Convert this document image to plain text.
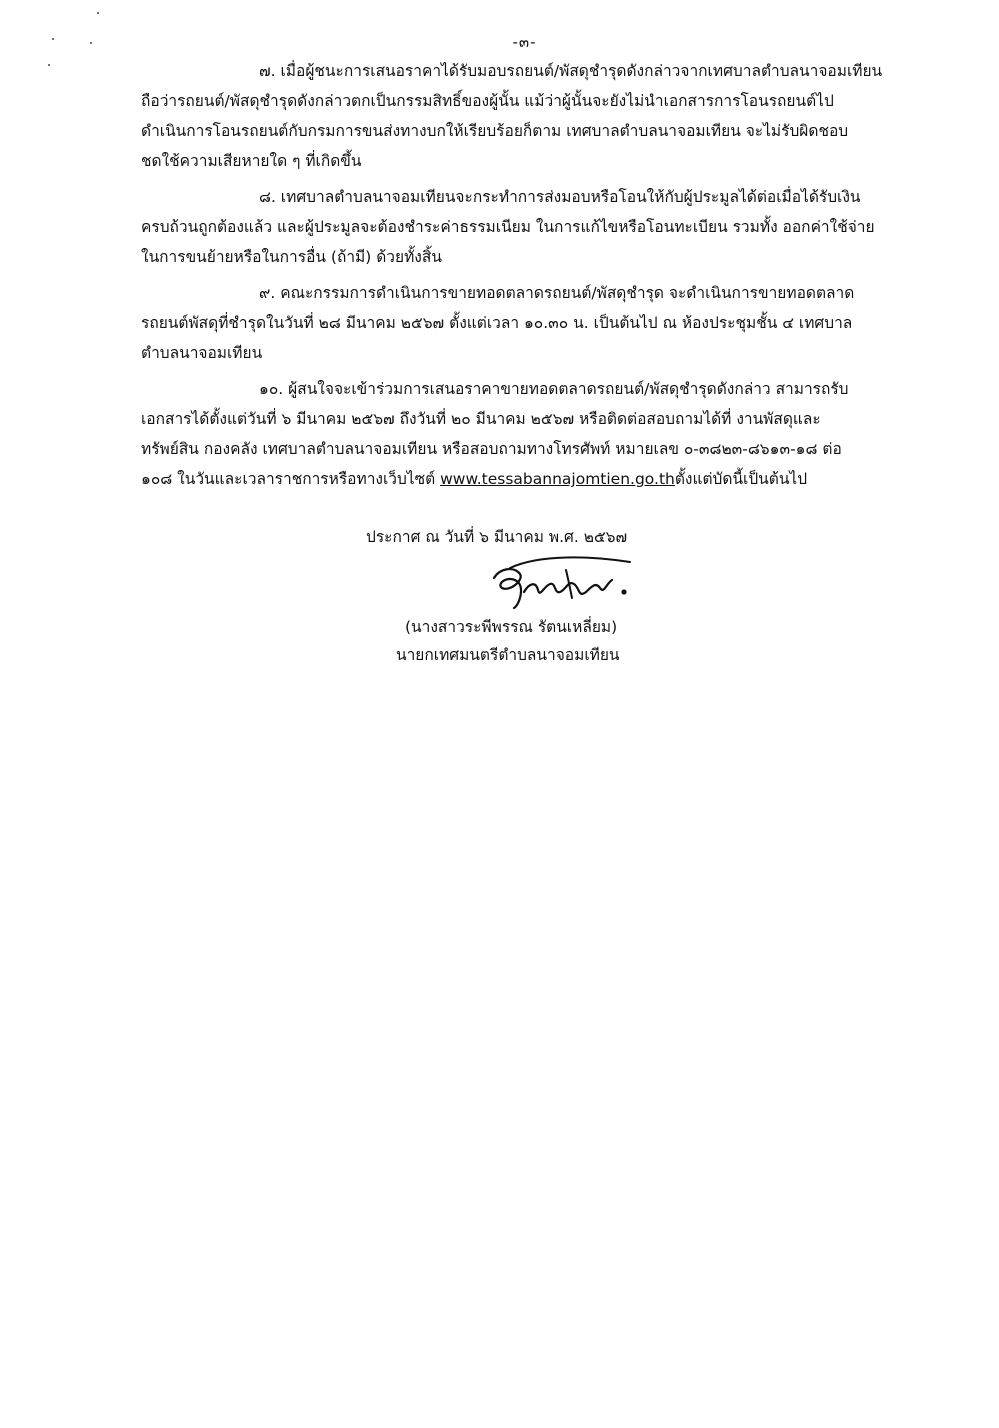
-๓-

๗. เมื่อผู้ชนะการเสนอราคาได้รับมอบรถยนต์/พัสดุชำรุดดังกล่าวจากเทศบาลตำบลนาจอมเทียน
ถือว่ารถยนต์/พัสดุชำรุดดังกล่าวตกเป็นกรรมสิทธิ์ของผู้นั้น แม้ว่าผู้นั้นจะยังไม่นำเอกสารการโอนรถยนต์ไป
ดำเนินการโอนรถยนต์กับกรมการขนส่งทางบกให้เรียบร้อยก็ตาม เทศบาลตำบลนาจอมเทียน จะไม่รับผิดชอบ
ชดใช้ความเสียหายใด ๆ ที่เกิดขึ้น

๘. เทศบาลตำบลนาจอมเทียนจะกระทำการส่งมอบหรือโอนให้กับผู้ประมูลได้ต่อเมื่อได้รับเงิน
ครบถ้วนถูกต้องแล้ว และผู้ประมูลจะต้องชำระค่าธรรมเนียม ในการแก้ไขหรือโอนทะเบียน รวมทั้ง ออกค่าใช้จ่าย
ในการขนย้ายหรือในการอื่น (ถ้ามี) ด้วยทั้งสิ้น

๙. คณะกรรมการดำเนินการขายทอดตลาดรถยนต์/พัสดุชำรุด จะดำเนินการขายทอดตลาด
รถยนต์พัสดุที่ชำรุดในวันที่ ๒๘ มีนาคม ๒๕๖๗ ตั้งแต่เวลา ๑๐.๓๐ น. เป็นต้นไป ณ ห้องประชุมชั้น ๔ เทศบาล
ตำบลนาจอมเทียน

๑๐. ผู้สนใจจะเข้าร่วมการเสนอราคาขายทอดตลาดรถยนต์/พัสดุชำรุดดังกล่าว สามารถรับ
เอกสารได้ตั้งแต่วันที่ ๖ มีนาคม ๒๕๖๗ ถึงวันที่ ๒๐ มีนาคม ๒๕๖๗ หรือติดต่อสอบถามได้ที่ งานพัสดุและ
ทรัพย์สิน กองคลัง เทศบาลตำบลนาจอมเทียน หรือสอบถามทางโทรศัพท์ หมายเลข ๐-๓๘๒๓-๘๖๑๓-๑๘ ต่อ
๑๐๘ ในวันและเวลาราชการหรือทางเว็บไซต์ www.tessabannajomtien.go.thตั้งแต่บัดนี้เป็นต้นไป

ประกาศ ณ วันที่ ๖ มีนาคม พ.ศ. ๒๕๖๗
(นางสาวระพีพรรณ รัตนเหลี่ยม)
นายกเทศมนตรีตำบลนาจอมเทียน
